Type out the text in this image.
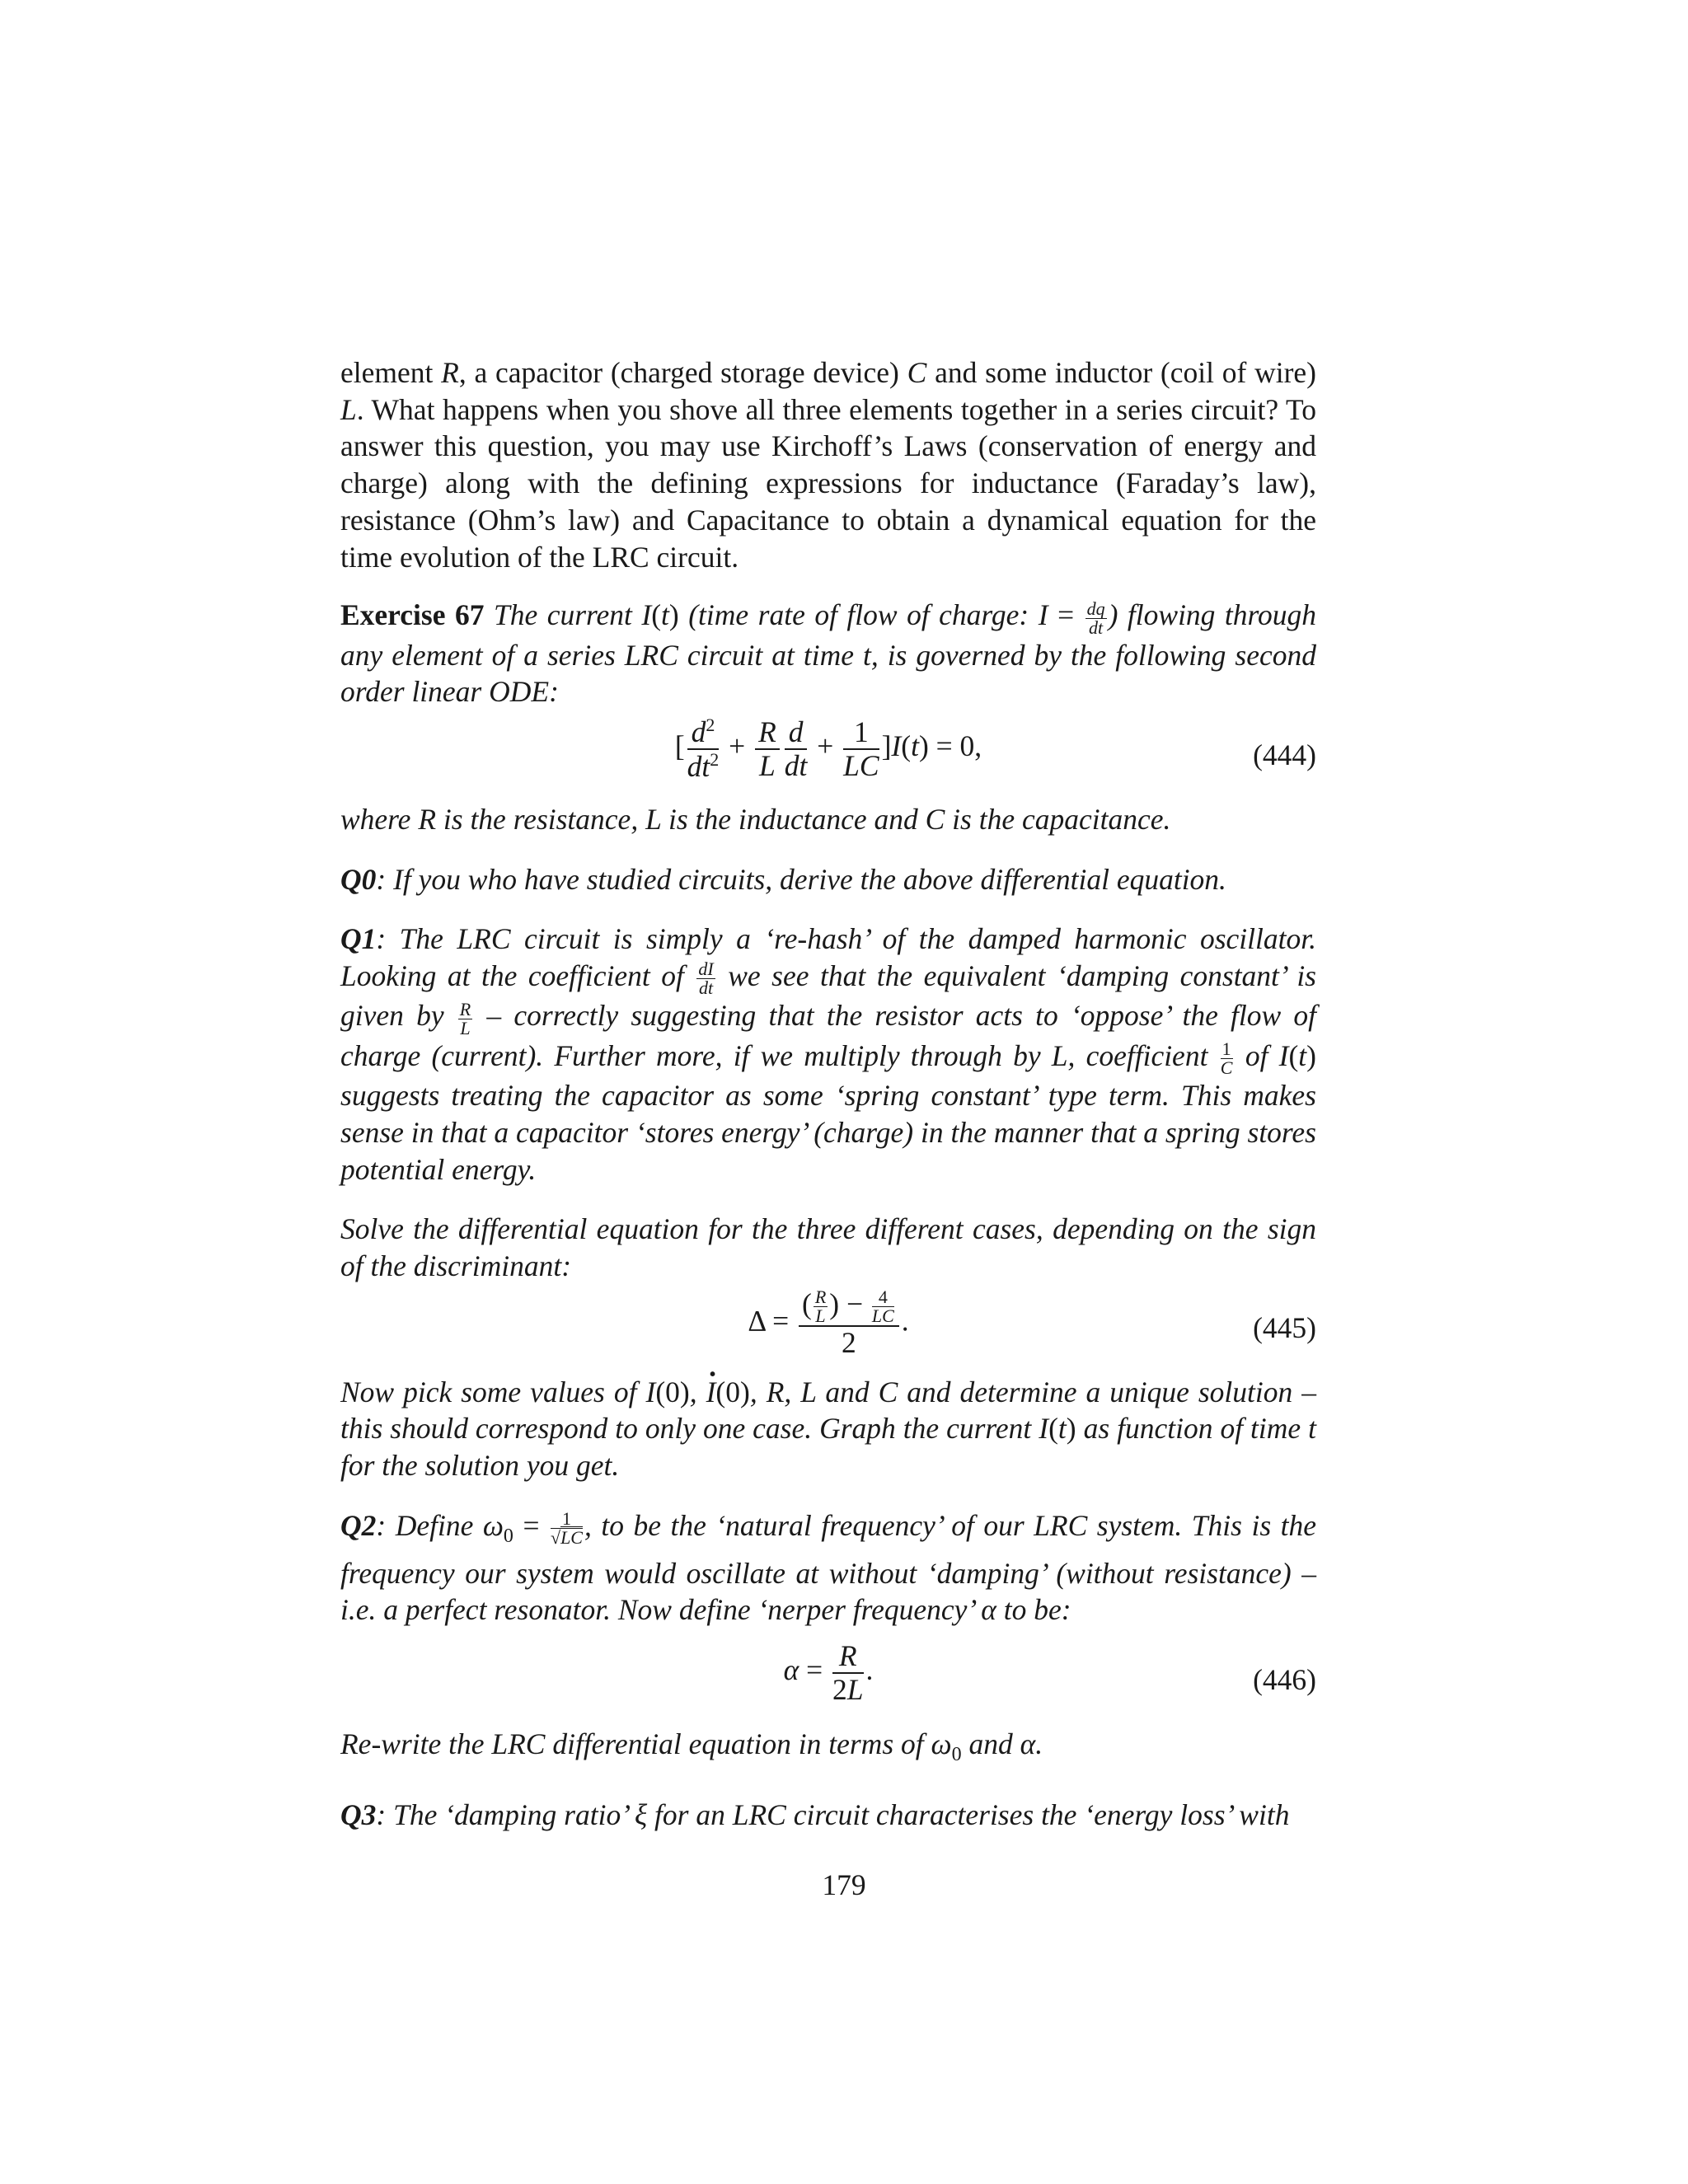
element R, a capacitor (charged storage device) C and some inductor (coil of wire) L. What happens when you shove all three elements together in a series circuit? To answer this question, you may use Kirchoff’s Laws (conservation of energy and charge) along with the defining expressions for inductance (Faraday’s law), resistance (Ohm’s law) and Capacitance to obtain a dynamical equation for the time evolution of the LRC circuit.

Exercise 67 The current I(t) (time rate of flow of charge: $I = \frac{dq}{dt}$ ) flowing through any element of a series LRC circuit at time t, is governed by the following second order linear ODE:

[ $\frac{d^2}{dt^2} + \frac{R}{L} \frac{d}{dt} + \frac{1}{LC} ]I(t) = 0$,	(444)

where R is the resistance, L is the inductance and C is the capacitance.

Q0: If you who have studied circuits, derive the above differential equation.

Q1: The LRC circuit is simply a ‘re-hash’ of the damped harmonic oscillator. Looking at the coefficient of $\frac{dI}{dt}$ we see that the equivalent ‘damping constant’ is given by $\frac{R}{L}$ – correctly suggesting that the resistor acts to ‘oppose’ the flow of charge (current). Further more, if we multiply through by L, coefficient $\frac{1}{C}$ of I(t) suggests treating the capacitor as some ‘spring constant’ type term. This makes sense in that a capacitor ‘stores energy’ (charge) in the manner that a spring stores potential energy.

Solve the differential equation for the three different cases, depending on the sign of the discriminant:

$\Delta = \frac{( \frac{R}{L} ) - \frac{4}{LC}}{2}$ .	(445)

Now pick some values of I(0), I ·(0), R, L and C and determine a unique solution – this should correspond to only one case. Graph the current I(t) as function of time t for the solution you get.

Q2: Define $\omega_0 = \frac{1}{√LC}$ , to be the ‘natural frequency’ of our LRC system. This is the frequency our system would oscillate at without ‘damping’ (without resistance) – i.e. a perfect resonator. Now define ‘nerper frequency’ α to be:

$\alpha = \frac{R}{2L}$ .	(446)

Re-write the LRC differential equation in terms of $\omega_0$ and α.

Q3: The ‘damping ratio’ ξ for an LRC circuit characterises the ‘energy loss’ with

179
